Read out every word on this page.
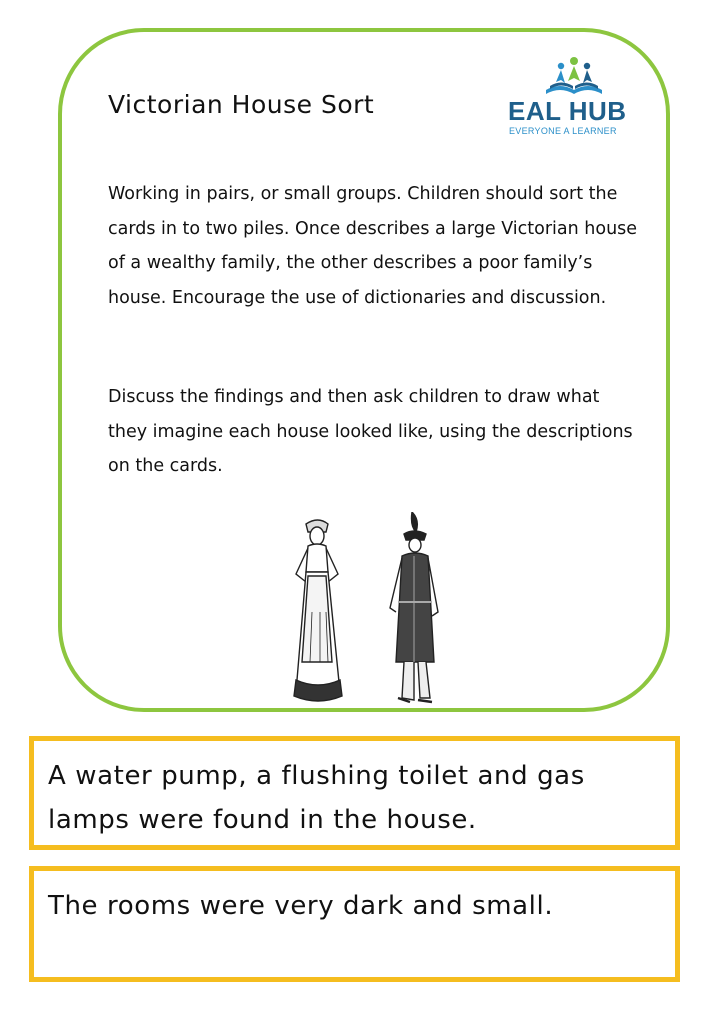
Victorian House Sort	EAL HUB
EVERYONE A LEARNER

Working in pairs, or small groups. Children should sort the cards in to two piles. Once describes a large Victorian house of a wealthy family, the other describes a poor family’s house. Encourage the use of dictionaries and discussion.

Discuss the findings and then ask children to draw what they imagine each house looked like, using the descriptions on the cards.

A water pump, a flushing toilet and gas lamps were found in the house.

The rooms were very dark and small.
